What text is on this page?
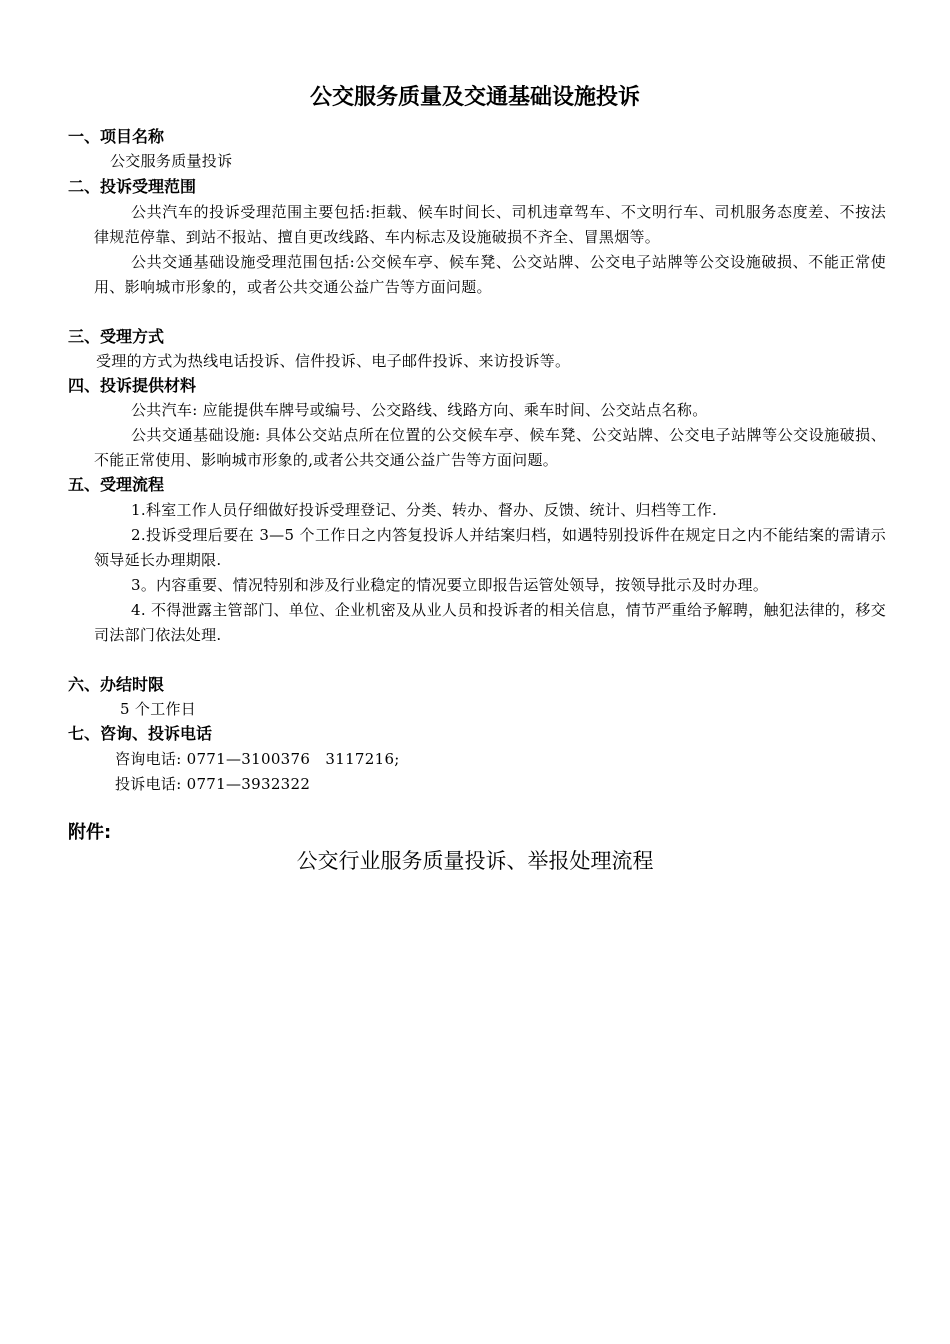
公交服务质量及交通基础设施投诉
一、项目名称
公交服务质量投诉
二、投诉受理范围

公共汽车的投诉受理范围主要包括:拒载、候车时间长、司机违章驾车、不文明行车、司机服务态度差、不按法律规范停靠、到站不报站、擅自更改线路、车内标志及设施破损不齐全、冒黑烟等。

公共交通基础设施受理范围包括:公交候车亭、候车凳、公交站牌、公交电子站牌等公交设施破损、不能正常使用、影响城市形象的，或者公共交通公益广告等方面问题。

三、受理方式
受理的方式为热线电话投诉、信件投诉、电子邮件投诉、来访投诉等。
四、投诉提供材料

公共汽车: 应能提供车牌号或编号、公交路线、线路方向、乘车时间、公交站点名称。

公共交通基础设施: 具体公交站点所在位置的公交候车亭、候车凳、公交站牌、公交电子站牌等公交设施破损、不能正常使用、影响城市形象的,或者公共交通公益广告等方面问题。

五、受理流程

1.科室工作人员仔细做好投诉受理登记、分类、转办、督办、反馈、统计、归档等工作.

2.投诉受理后要在 3—5 个工作日之内答复投诉人并结案归档，如遇特别投诉件在规定日之内不能结案的需请示领导延长办理期限.

3。内容重要、情况特别和涉及行业稳定的情况要立即报告运管处领导，按领导批示及时办理。

4. 不得泄露主管部门、单位、企业机密及从业人员和投诉者的相关信息，情节严重给予解聘，触犯法律的，移交司法部门依法处理.

六、办结时限
5 个工作日
七、咨询、投诉电话
咨询电话: 0771—3100376   3117216;
投诉电话: 0771—3932322
附件:
公交行业服务质量投诉、举报处理流程
